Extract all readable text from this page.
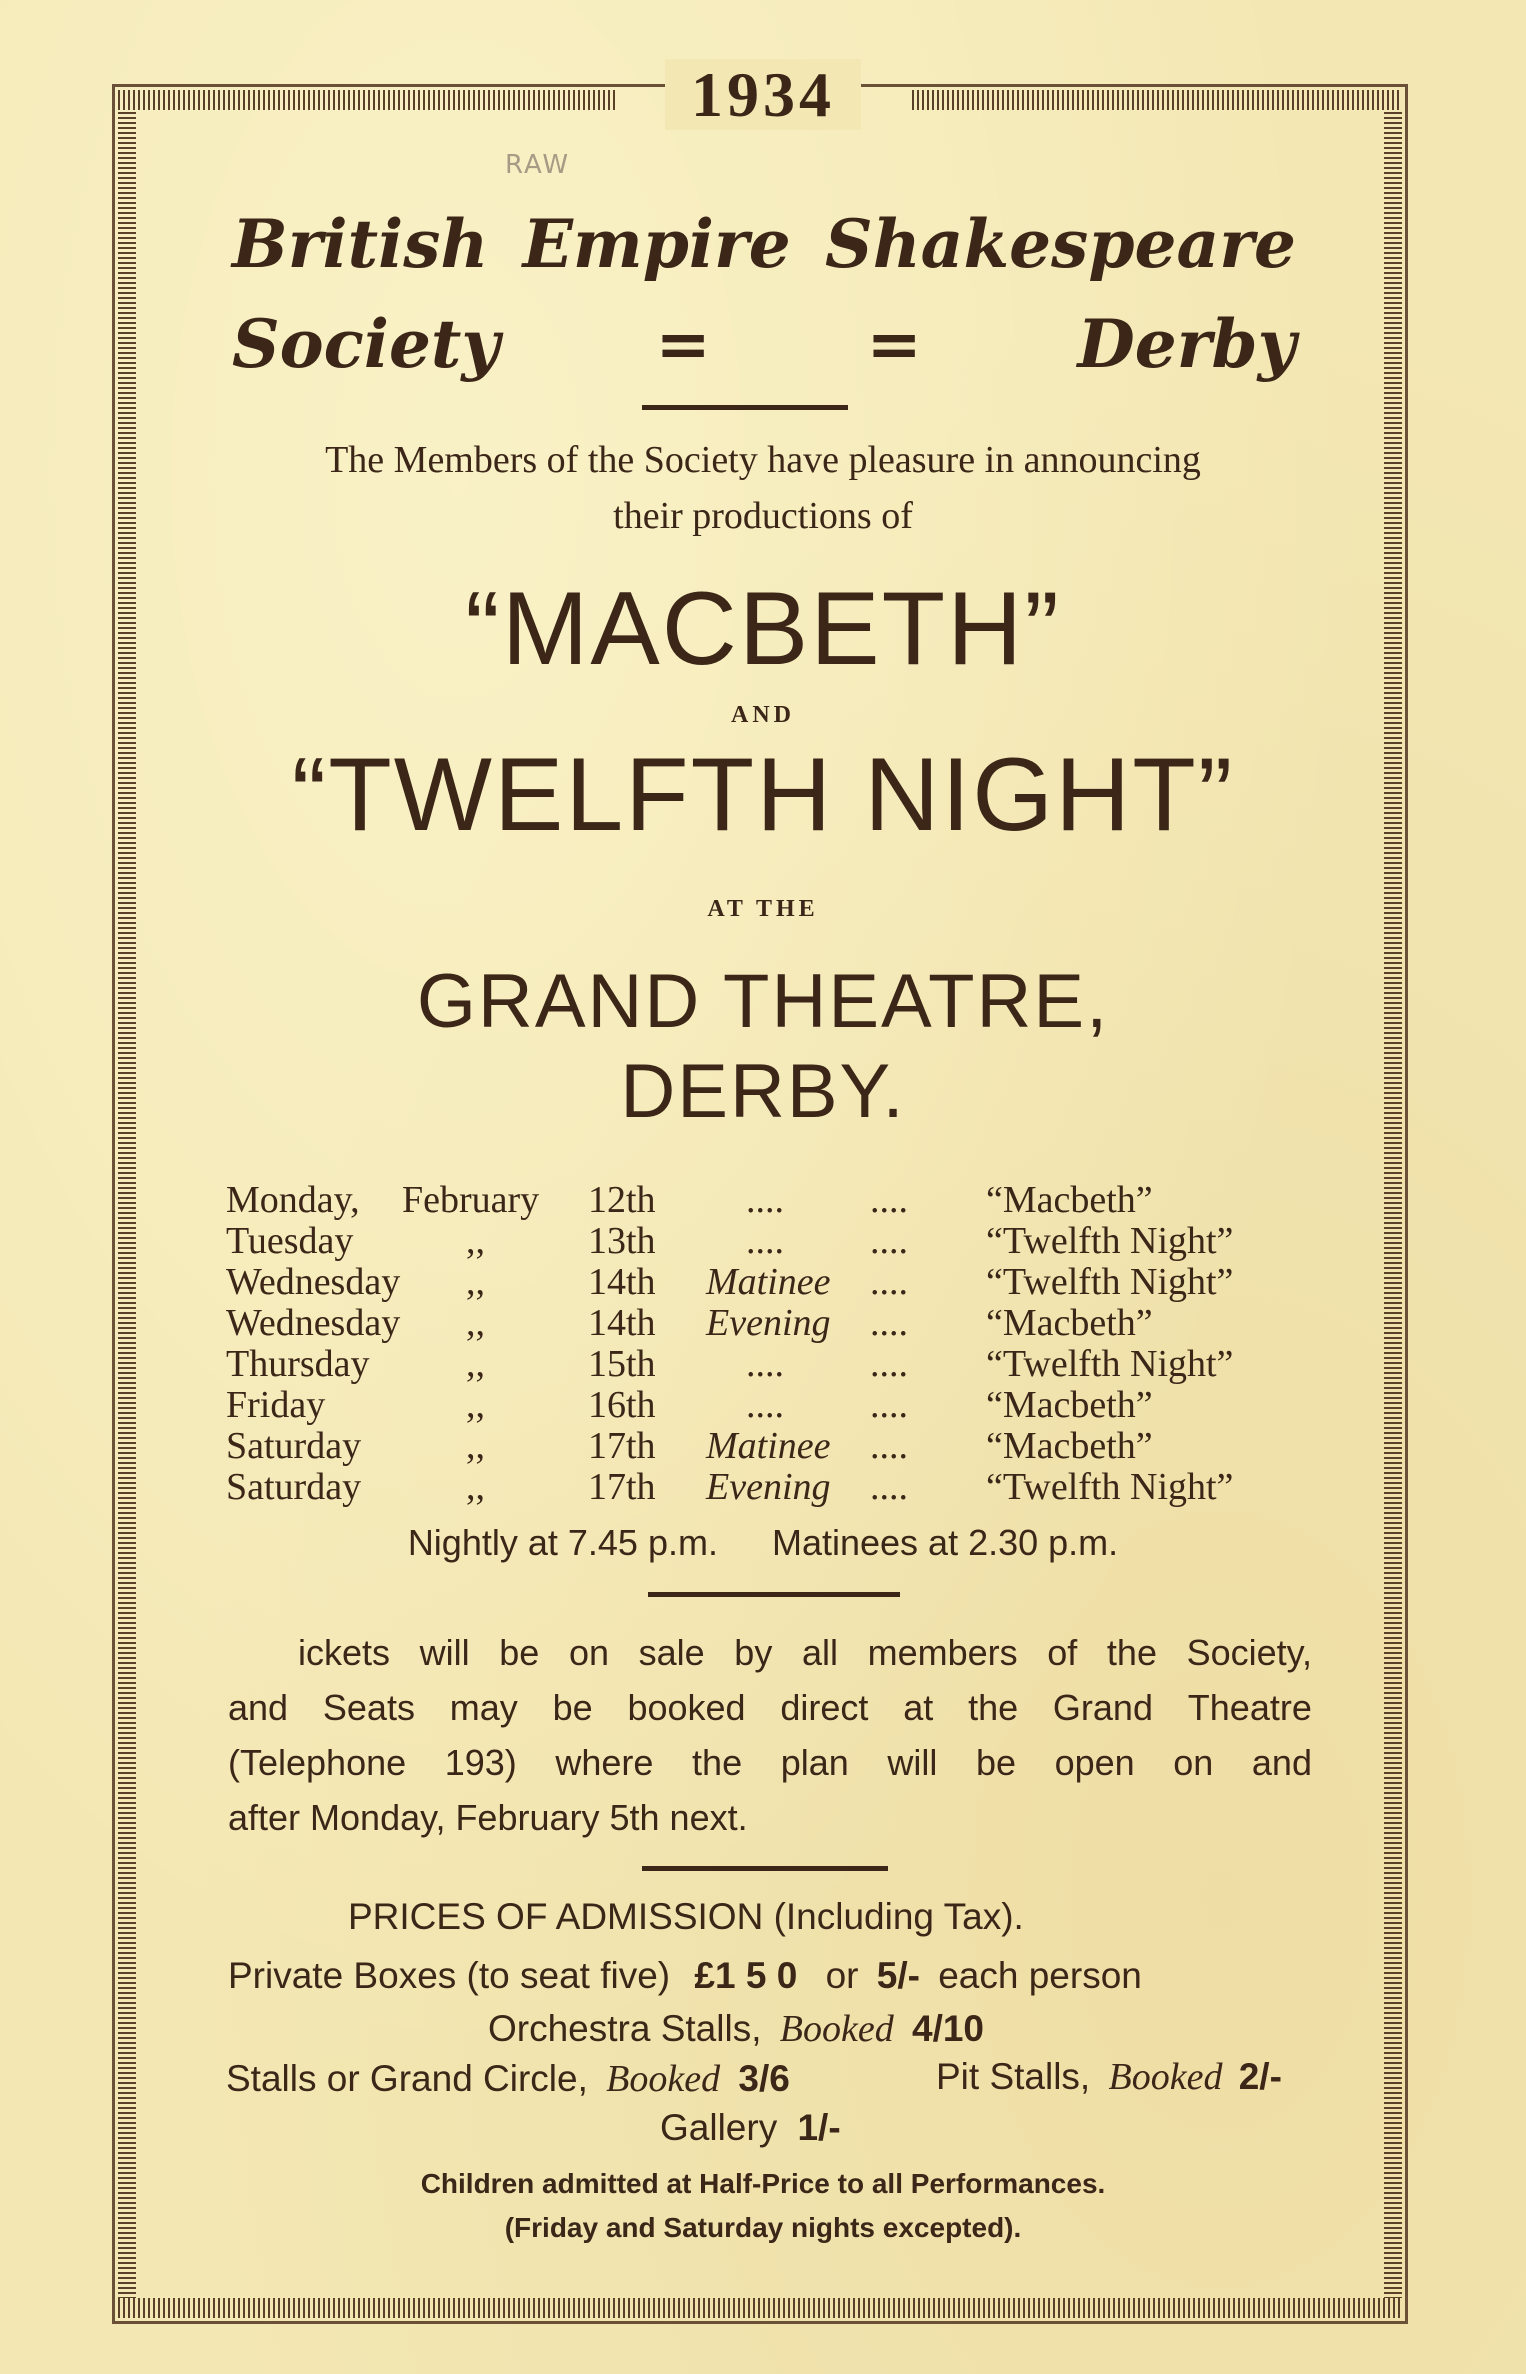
1934
RAW
British Empire Shakespeare
Society = = Derby
The Members of the Society have pleasure in announcing
their productions of
“MACBETH”
AND
“TWELFTH NIGHT”
AT THE
GRAND THEATRE,
DERBY.
Monday, February 12th .... .... “Macbeth”
Tuesday	,,	13th .... .... “Twelfth Night”
Wednesday ,,	14th Matinee .... “Twelfth Night”
Wednesday ,,	14th Evening .... “Macbeth”
Thursday	,,	15th .... .... “Twelfth Night”
Friday	,,	16th .... .... “Macbeth”
Saturday	,,	17th Matinee .... “Macbeth”
Saturday	,,	17th Evening .... “Twelfth Night”
Nightly at 7.45 p.m. Matinees at 2.30 p.m.
ickets will be on sale by all members of the Society,
and Seats may be booked direct at the Grand Theatre
(Telephone 193) where the plan will be open on and
after Monday, February 5th next.
PRICES OF ADMISSION (Including Tax).
Private Boxes (to seat five) £1 5 0 or 5/- each person
Orchestra Stalls, Booked 4/10
Stalls or Grand Circle, Booked 3/6	Pit Stalls, Booked 2/-
Gallery 1/-
Children admitted at Half-Price to all Performances.
(Friday and Saturday nights excepted).
